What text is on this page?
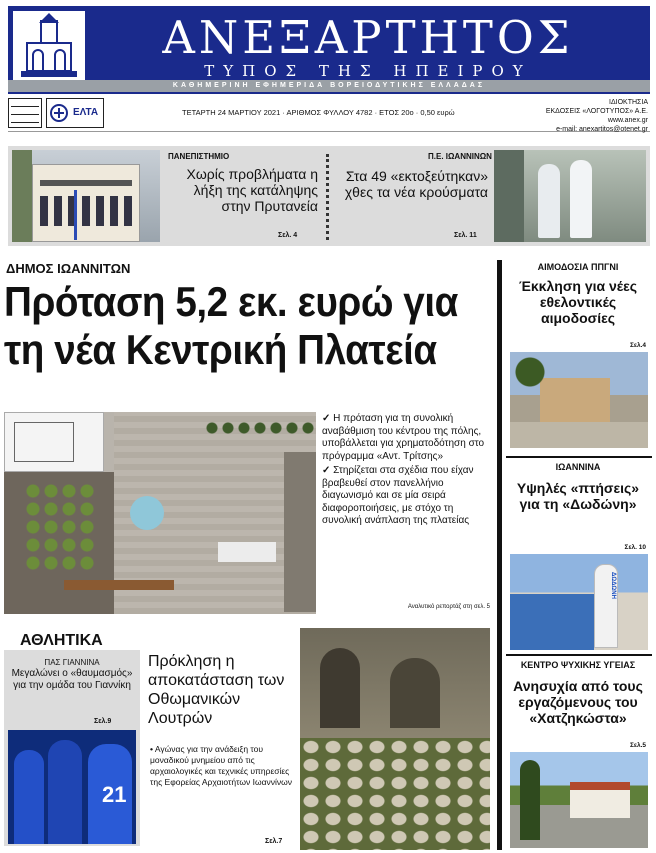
ΑΝΕΞΑΡΤΗΤΟΣ
ΤΥΠΟΣ ΤΗΣ ΗΠΕΙΡΟΥ
ΚΑΘΗΜΕΡΙΝΗ ΕΦΗΜΕΡΙΔΑ ΒΟΡΕΙΟΔΥΤΙΚΗΣ ΕΛΛΑΔΑΣ
ΕΛΤΑ	ΤΕΤΑΡΤΗ 24 ΜΑΡΤΙΟΥ 2021 · ΑΡΙΘΜΟΣ ΦΥΛΛΟΥ 4782 · ΕΤΟΣ 20ο · 0,50 ευρώ
ΙΔΙΟΚΤΗΣΙΑ
ΕΚΔΟΣΕΙΣ «ΛΟΓΟΤΥΠΟΣ» Α.Ε.
www.anex.gr
e-mail: anexartitos@otenet.gr
ΠΑΝΕΠΙΣΤΗΜΙΟ
Χωρίς προβλήματα η λήξη της κατάληψης στην Πρυτανεία
Σελ. 4
Π.Ε. ΙΩΑΝΝΙΝΩΝ
Στα 49 «εκτοξεύτηκαν» χθες τα νέα κρούσματα
Σελ. 11
ΔΗΜΟΣ ΙΩΑΝΝΙΤΩΝ
Πρόταση 5,2 εκ. ευρώ για τη νέα Κεντρική Πλατεία

✓ Η πρόταση για τη συνολική αναβάθμιση του κέντρου της πόλης, υποβάλλεται για χρηματοδότηση στο πρόγραμμα «Αντ. Τρίτσης»

✓ Στηρίζεται στα σχέδια που είχαν βραβευθεί στον πανελλήνιο διαγωνισμό και σε μία σειρά διαφοροποιήσεις, με στόχο τη συνολική ανάπλαση της πλατείας

Αναλυτικό ρεπορτάζ στη σελ. 5
ΑΘΛΗΤΙΚΑ
ΠΑΣ ΓΙΑΝΝΙΝΑ
Μεγαλώνει ο «θαυμασμός» για την ομάδα του Γιαννίκη
Σελ.9
21
Πρόκληση η αποκατάσταση των Οθωμανικών Λουτρών
• Αγώνας για την ανάδειξη του μοναδικού μνημείου από τις αρχαιολογικές και τεχνικές υπηρεσίες της Εφορείας Αρχαιοτήτων Ιωαννίνων
Σελ.7
ΑΙΜΟΔΟΣΙΑ ΠΠΓΝΙ
Έκκληση για νέες εθελοντικές αιμοδοσίες
Σελ.4
ΙΩΑΝΝΙΝΑ
Υψηλές «πτήσεις» για τη «Δωδώνη»
Σελ. 10
ΔΩΔΩΝΗ
ΚΕΝΤΡΟ ΨΥΧΙΚΗΣ ΥΓΕΙΑΣ
Ανησυχία από τους εργαζόμενους του «Χατζηκώστα»
Σελ.5
